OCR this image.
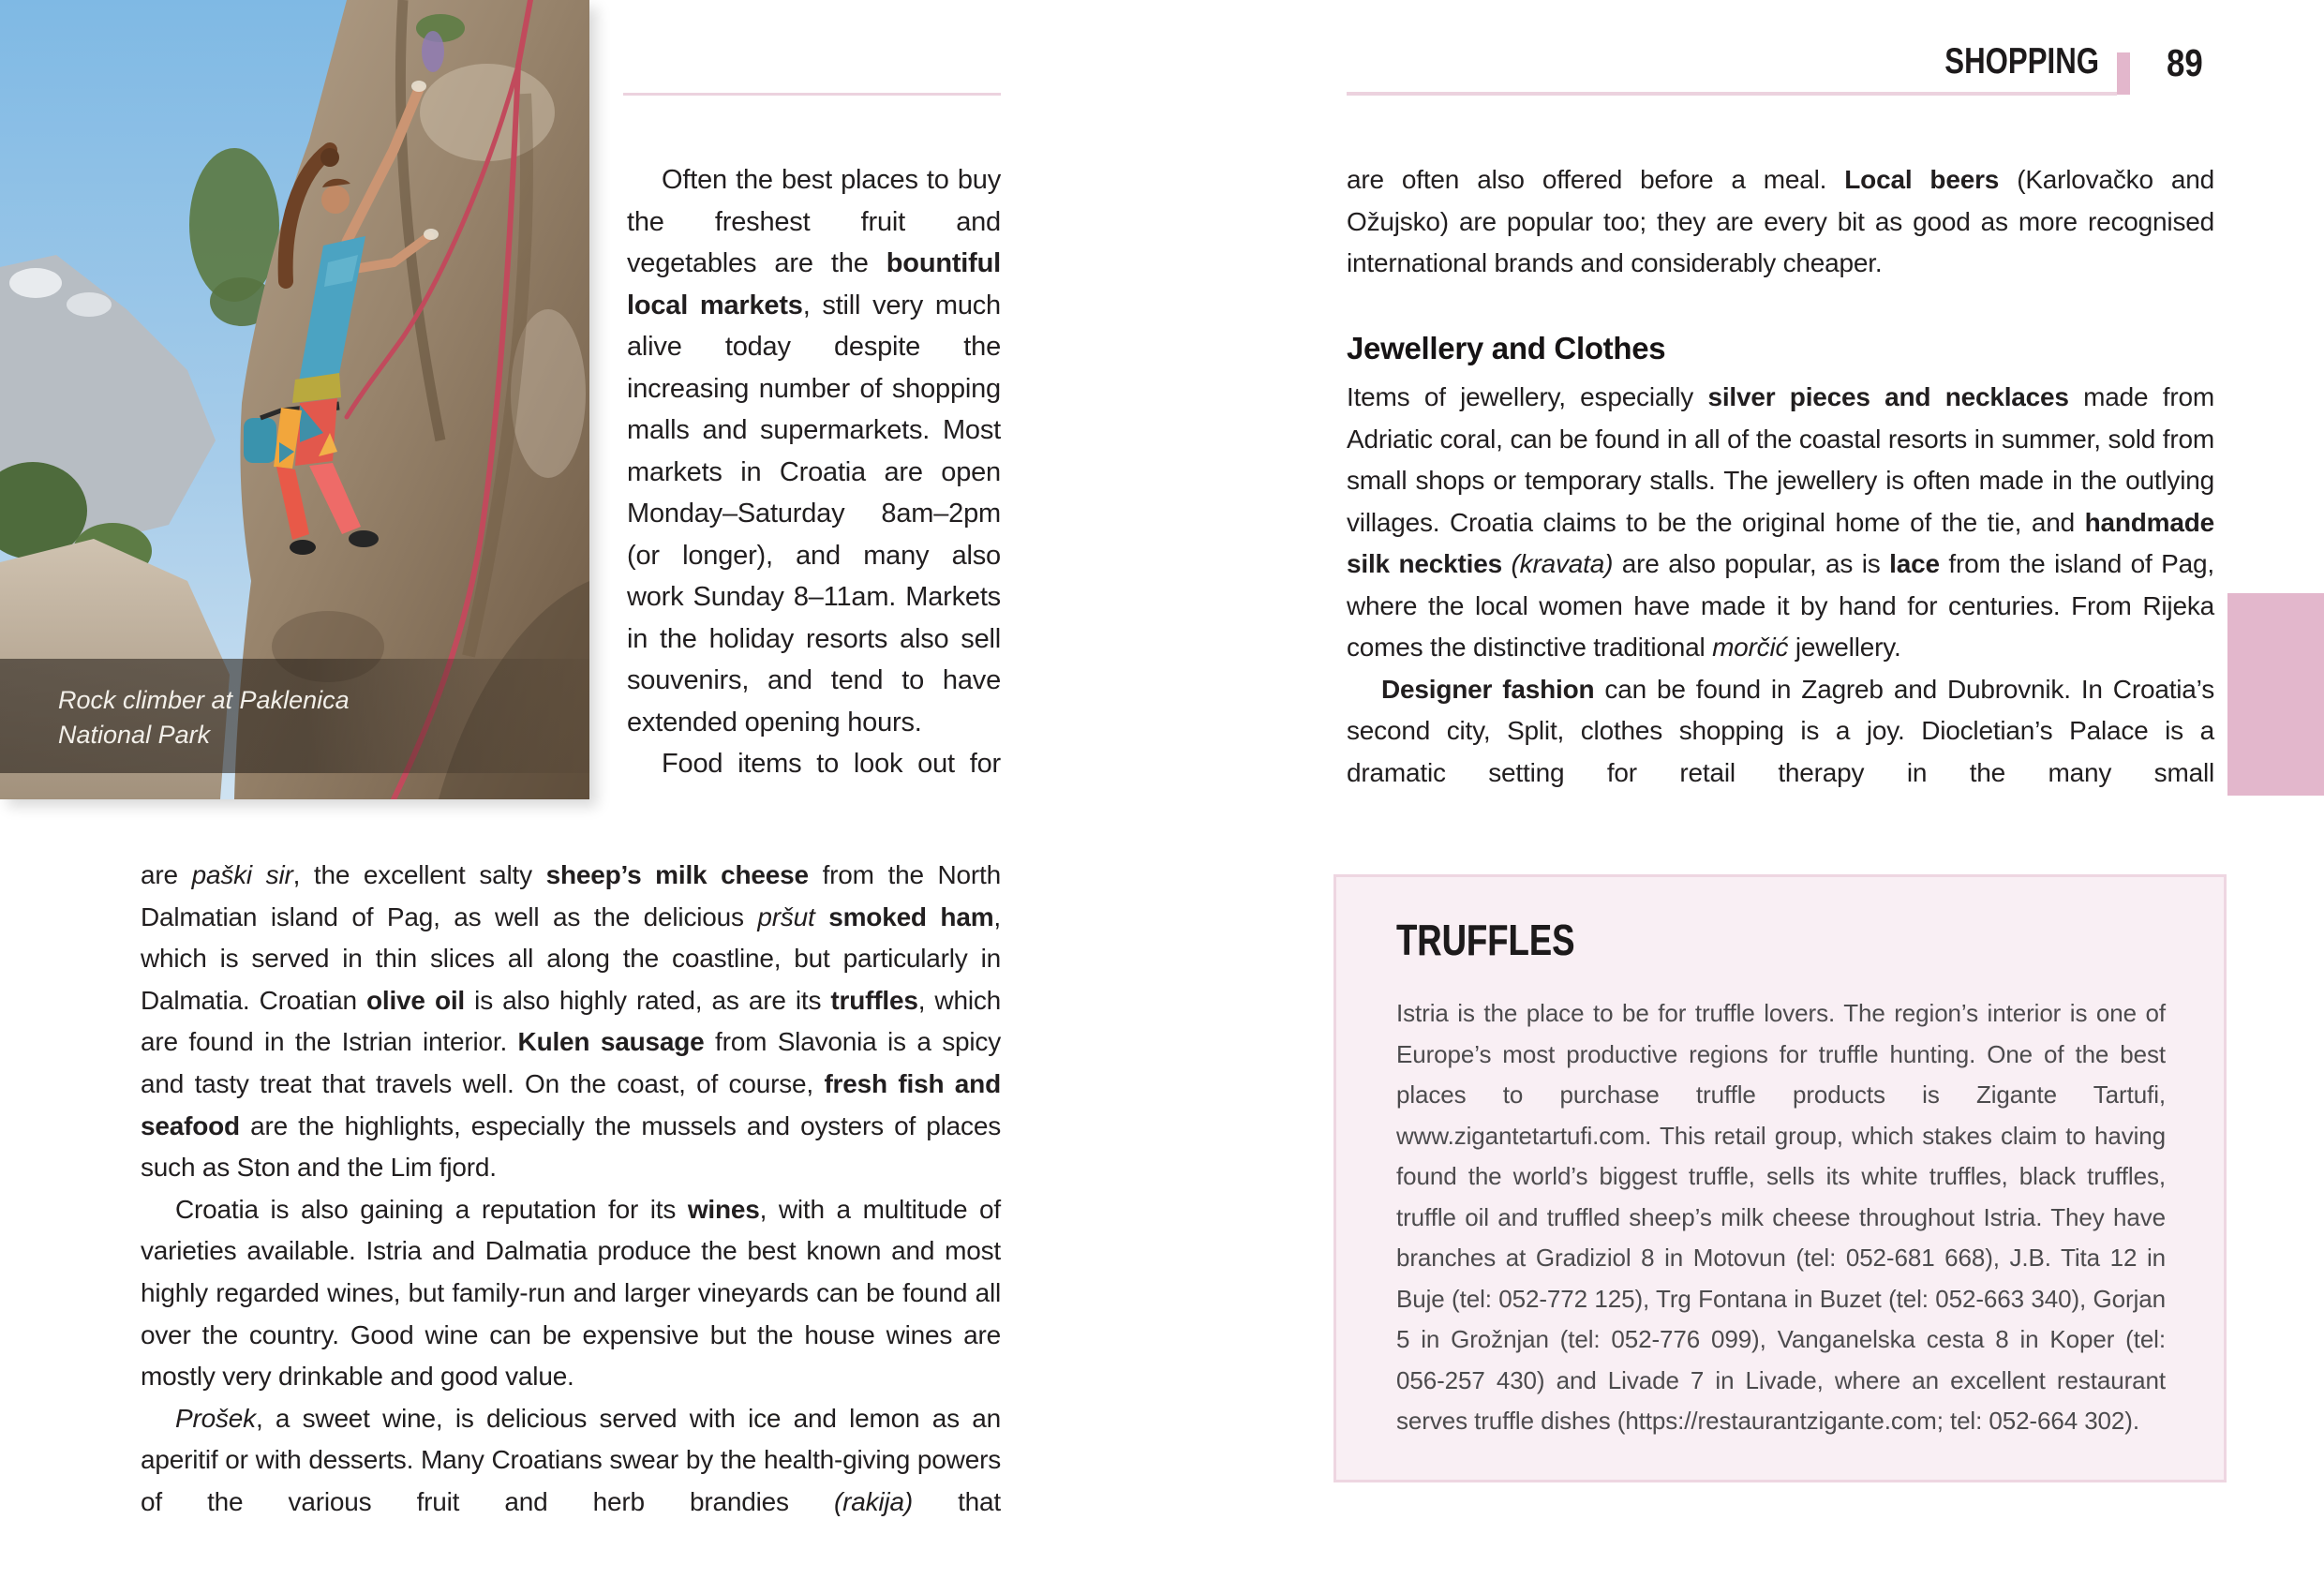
SHOPPING 89
Rock climber at Paklenica National Park

Often the best places to buy the freshest fruit and vegetables are the bountiful local markets, still very much alive today despite the increasing number of shopping malls and supermarkets. Most markets in Croatia are open Monday–Saturday 8am–2pm (or longer), and many also work Sunday 8–11am. Markets in the holiday resorts also sell souvenirs, and tend to have extended opening hours.

Food items to look out for

are paški sir, the excellent salty sheep’s milk cheese from the North Dalmatian island of Pag, as well as the delicious pršut smoked ham, which is served in thin slices all along the coastline, but particularly in Dalmatia. Croatian olive oil is also highly rated, as are its truffles, which are found in the Istrian interior. Kulen sausage from Slavonia is a spicy and tasty treat that travels well. On the coast, of course, fresh fish and seafood are the highlights, especially the mussels and oysters of places such as Ston and the Lim fjord.

Croatia is also gaining a reputation for its wines, with a multitude of varieties available. Istria and Dalmatia produce the best known and most highly regarded wines, but family-run and larger vineyards can be found all over the country. Good wine can be expensive but the house wines are mostly very drinkable and good value.

Prošek, a sweet wine, is delicious served with ice and lemon as an aperitif or with desserts. Many Croatians swear by the health-giving powers of the various fruit and herb brandies (rakija) that

are often also offered before a meal. Local beers (Karlovačko and Ožujsko) are popular too; they are every bit as good as more recognised international brands and considerably cheaper.

Jewellery and Clothes

Items of jewellery, especially silver pieces and necklaces made from Adriatic coral, can be found in all of the coastal resorts in summer, sold from small shops or temporary stalls. The jewellery is often made in the outlying villages. Croatia claims to be the original home of the tie, and handmade silk neckties (kravata) are also popular, as is lace from the island of Pag, where the local women have made it by hand for centuries. From Rijeka comes the distinctive traditional morčić jewellery.

Designer fashion can be found in Zagreb and Dubrovnik. In Croatia’s second city, Split, clothes shopping is a joy. Diocletian’s Palace is a dramatic setting for retail therapy in the many small

TRUFFLES
Istria is the place to be for truffle lovers. The region’s interior is one of Europe’s most productive regions for truffle hunting. One of the best places to purchase truffle products is Zigante Tartufi, www.zigantetartufi.com. This retail group, which stakes claim to having found the world’s biggest truffle, sells its white truffles, black truffles, truffle oil and truffled sheep’s milk cheese throughout Istria. They have branches at Gradiziol 8 in Motovun (tel: 052-681 668), J.B. Tita 12 in Buje (tel: 052-772 125), Trg Fontana in Buzet (tel: 052-663 340), Gorjan 5 in Grožnjan (tel: 052-776 099), Vanganelska cesta 8 in Koper (tel: 056-257 430) and Livade 7 in Livade, where an excellent restaurant serves truffle dishes (https://restaurantzigante.com; tel: 052-664 302).
